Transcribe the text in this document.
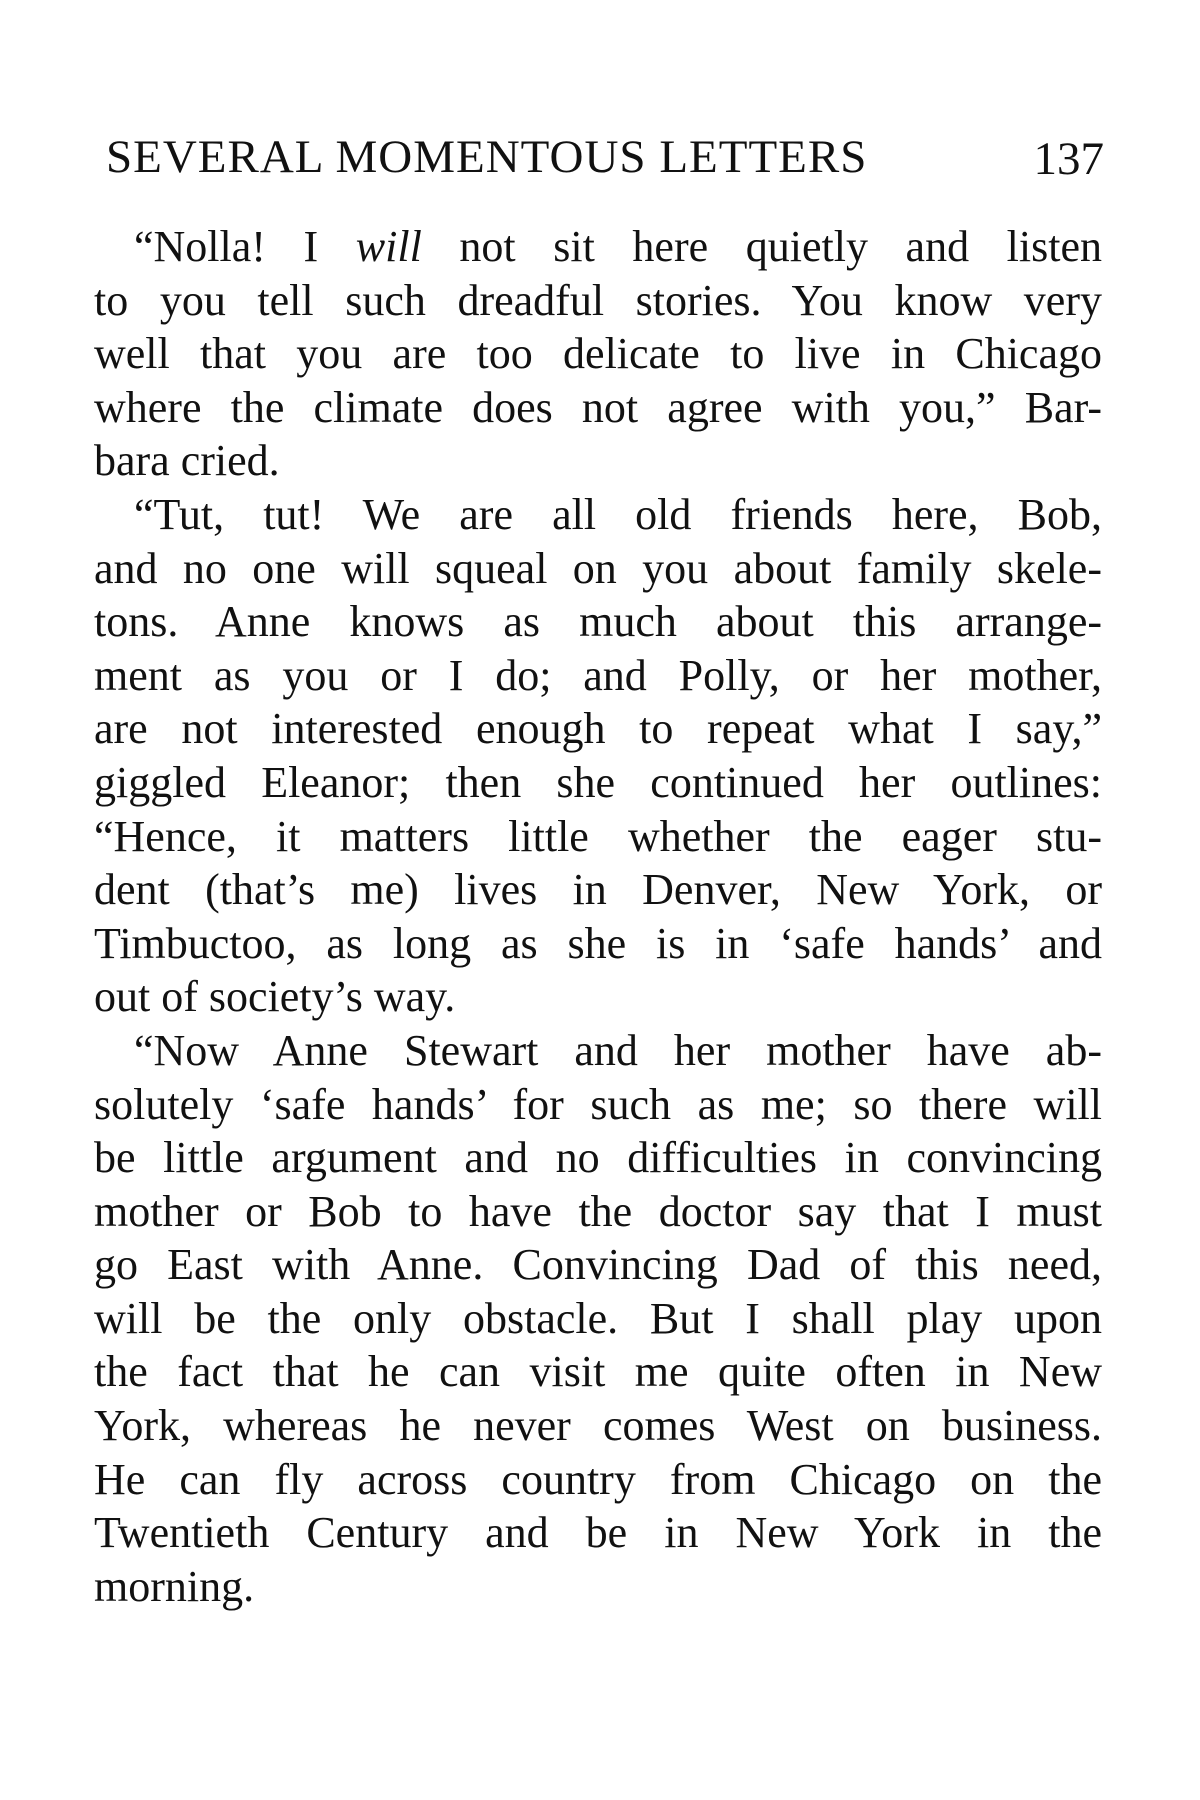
SEVERAL MOMENTOUS LETTERS	137
“Nolla! I will not sit here quietly and listen
to you tell such dreadful stories. You know very
well that you are too delicate to live in Chicago
where the climate does not agree with you,” Bar-
bara cried.
“Tut, tut! We are all old friends here, Bob,
and no one will squeal on you about family skele-
tons. Anne knows as much about this arrange-
ment as you or I do; and Polly, or her mother,
are not interested enough to repeat what I say,”
giggled Eleanor; then she continued her outlines:
“Hence, it matters little whether the eager stu-
dent (that’s me) lives in Denver, New York, or
Timbuctoo, as long as she is in ‘safe hands’ and
out of society’s way.
“Now Anne Stewart and her mother have ab-
solutely ‘safe hands’ for such as me; so there will
be little argument and no difficulties in convincing
mother or Bob to have the doctor say that I must
go East with Anne. Convincing Dad of this need,
will be the only obstacle. But I shall play upon
the fact that he can visit me quite often in New
York, whereas he never comes West on business.
He can fly across country from Chicago on the
Twentieth Century and be in New York in the
morning.
